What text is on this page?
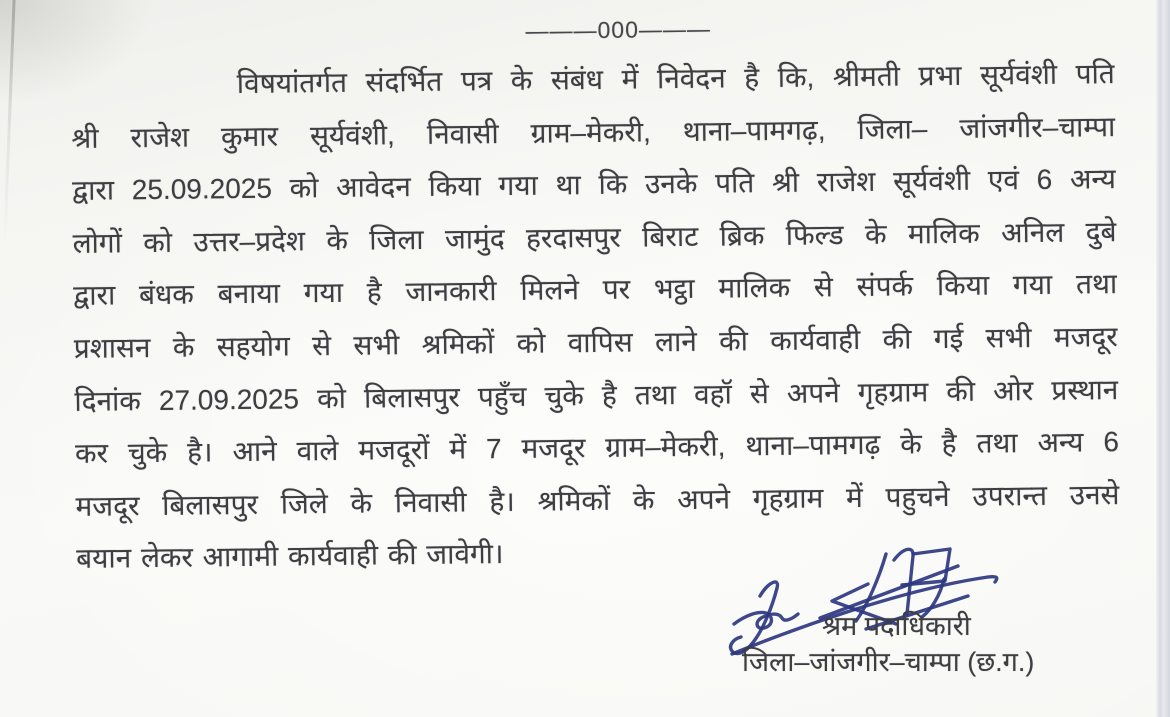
———000———
विषयांतर्गत संदर्भित पत्र के संबंध में निवेदन है कि, श्रीमती प्रभा सूर्यवंशी पति
श्री राजेश कुमार सूर्यवंशी, निवासी ग्राम–मेकरी, थाना–पामगढ़, जिला– जांजगीर–चाम्पा
द्वारा 25.09.2025 को आवेदन किया गया था कि उनके पति श्री राजेश सूर्यवंशी एवं 6 अन्य
लोगों को उत्तर–प्रदेश के जिला जामुंद हरदासपुर बिराट ब्रिक फिल्ड के मालिक अनिल दुबे
द्वारा बंधक बनाया गया है जानकारी मिलने पर भट्ठा मालिक से संपर्क किया गया तथा
प्रशासन के सहयोग से सभी श्रमिकों को वापिस लाने की कार्यवाही की गई सभी मजदूर
दिनांक 27.09.2025 को बिलासपुर पहुँच चुके है तथा वहॉ से अपने गृहग्राम की ओर प्रस्थान
कर चुके है। आने वाले मजदूरों में 7 मजदूर ग्राम–मेकरी, थाना–पामगढ़ के है तथा अन्य 6
मजदूर बिलासपुर जिले के निवासी है। श्रमिकों के अपने गृहग्राम में पहुचने उपरान्त उनसे
बयान लेकर आगामी कार्यवाही की जावेगी।
श्रम पदाधिकारी
जिला–जांजगीर–चाम्पा (छ.ग.)
